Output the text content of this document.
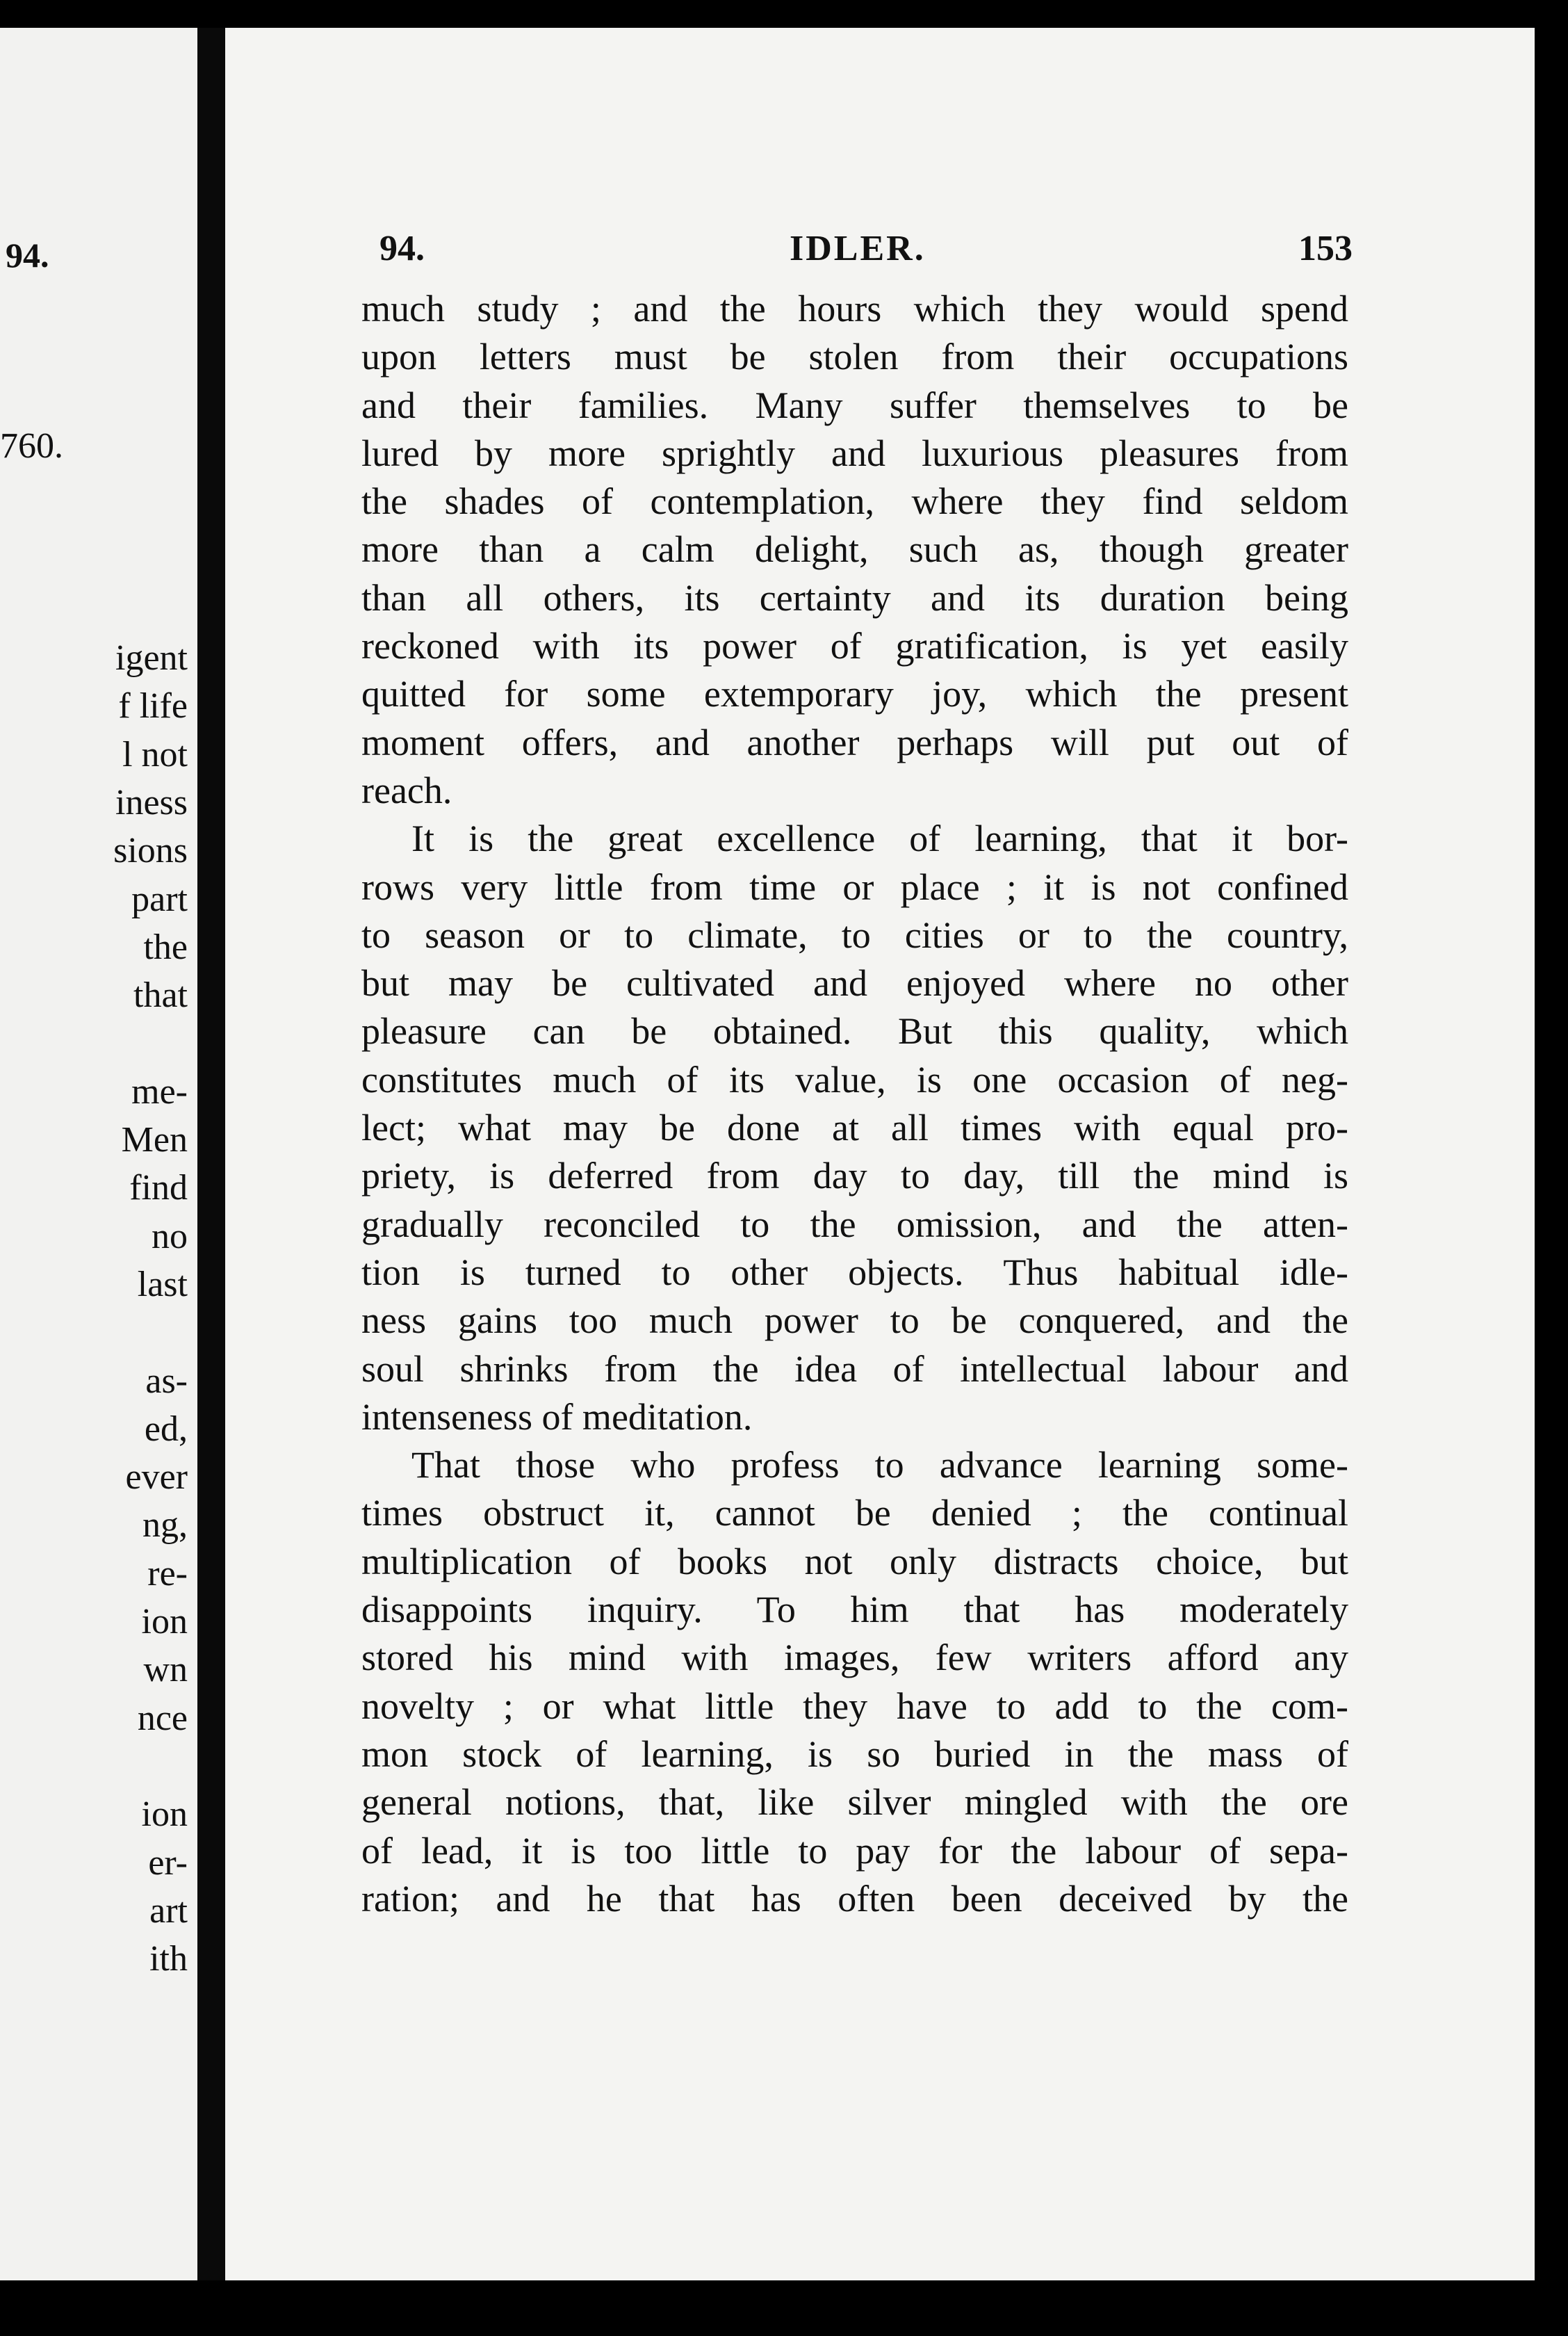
94.
760.
igent
f life
l not
iness
sions
part
the
that
me-
Men
find
no
last
as-
ed,
ever
ng,
re-
ion
wn
nce
ion
er-
art
ith
94.	IDLER.	153
much study ; and the hours which they would spend
upon letters must be stolen from their occupations
and their families. Many suffer themselves to be
lured by more sprightly and luxurious pleasures from
the shades of contemplation, where they find seldom
more than a calm delight, such as, though greater
than all others, its certainty and its duration being
reckoned with its power of gratification, is yet easily
quitted for some extemporary joy, which the present
moment offers, and another perhaps will put out of
reach.
It is the great excellence of learning, that it bor-
rows very little from time or place ; it is not confined
to season or to climate, to cities or to the country,
but may be cultivated and enjoyed where no other
pleasure can be obtained. But this quality, which
constitutes much of its value, is one occasion of neg-
lect; what may be done at all times with equal pro-
priety, is deferred from day to day, till the mind is
gradually reconciled to the omission, and the atten-
tion is turned to other objects. Thus habitual idle-
ness gains too much power to be conquered, and the
soul shrinks from the idea of intellectual labour and
intenseness of meditation.
That those who profess to advance learning some-
times obstruct it, cannot be denied ; the continual
multiplication of books not only distracts choice, but
disappoints inquiry. To him that has moderately
stored his mind with images, few writers afford any
novelty ; or what little they have to add to the com-
mon stock of learning, is so buried in the mass of
general notions, that, like silver mingled with the ore
of lead, it is too little to pay for the labour of sepa-
ration; and he that has often been deceived by the
